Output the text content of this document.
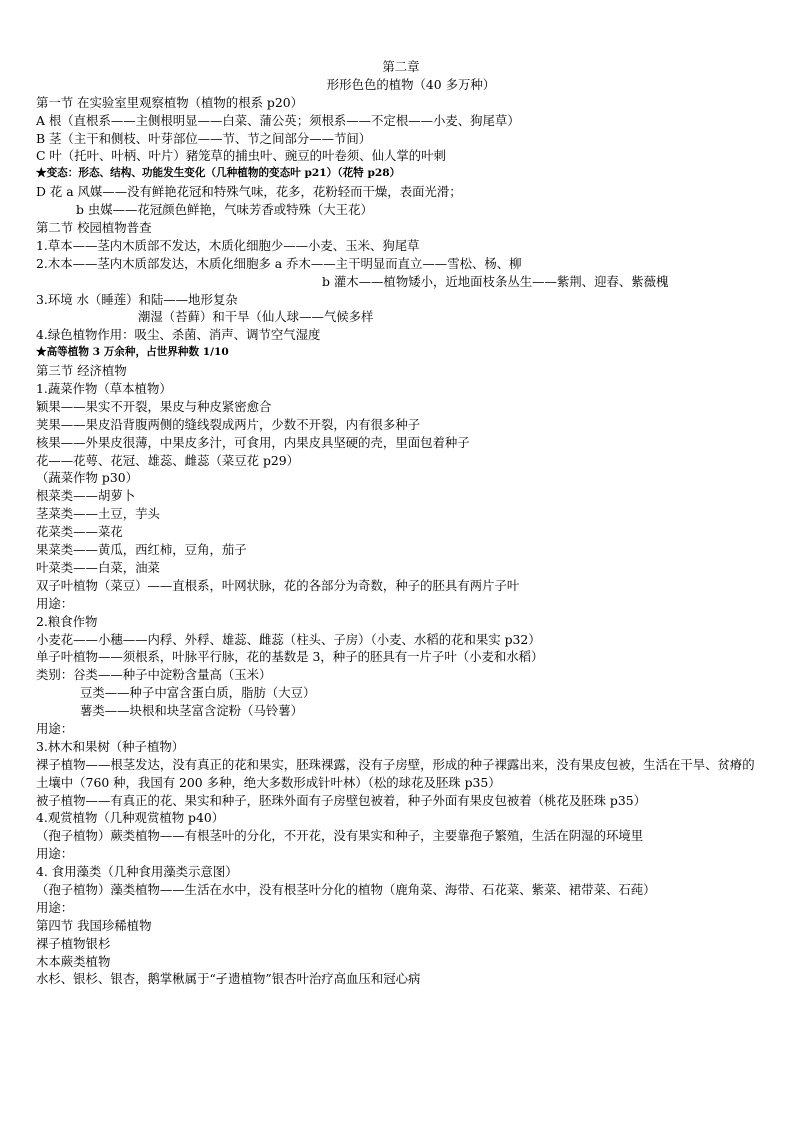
第二章
形形色色的植物（40 多万种）
第一节 在实验室里观察植物（植物的根系 p20）
A 根（直根系——主侧根明显——白菜、蒲公英；须根系——不定根——小麦、狗尾草）
B 茎（主干和侧枝、叶芽部位——节、节之间部分——节间）
C 叶（托叶、叶柄、叶片）豬笼草的捕虫叶、豌豆的叶卷须、仙人掌的叶刺
★变态：形态、结构、功能发生变化（几种植物的变态叶 p21）（花特 p28）
D 花 a 风媒——没有鲜艳花冠和特殊气味，花多，花粉轻而干燥，表面光滑；
b 虫媒——花冠颜色鲜艳，气味芳香或特殊（大王花）
第二节 校园植物普查
1.草本——茎内木质部不发达，木质化细胞少——小麦、玉米、狗尾草
2.木本——茎内木质部发达，木质化细胞多 a 乔木——主干明显而直立——雪松、杨、柳
b 灌木——植物矮小，近地面枝条丛生——紫荆、迎春、紫薇槐
3.环境 水（睡莲）和陆——地形复杂
潮湿（苔藓）和干旱（仙人球——气候多样
4.绿色植物作用：吸尘、杀菌、消声、调节空气湿度
★高等植物 3 万余种，占世界种数 1/10
第三节 经济植物
1.蔬菜作物（草本植物）
颖果——果实不开裂，果皮与种皮紧密愈合
荚果——果皮沿背腹两侧的缝线裂成两片，少数不开裂，内有很多种子
核果——外果皮很薄，中果皮多汁，可食用，内果皮具坚硬的壳，里面包着种子
花——花萼、花冠、雄蕊、雌蕊（菜豆花 p29）
（蔬菜作物 p30）
根菜类——胡萝卜
茎菜类——土豆，芋头
花菜类——菜花
果菜类——黄瓜，西红柿，豆角，茄子
叶菜类——白菜，油菜
双子叶植物（菜豆）——直根系，叶网状脉，花的各部分为奇数，种子的胚具有两片子叶
用途：
2.粮食作物
小麦花——小穗——内稃、外稃、雄蕊、雌蕊（柱头、子房）（小麦、水稻的花和果实 p32）
单子叶植物——须根系，叶脉平行脉，花的基数是 3，种子的胚具有一片子叶（小麦和水稻）
类别：谷类——种子中淀粉含量高（玉米）
豆类——种子中富含蛋白质，脂肪（大豆）
薯类——块根和块茎富含淀粉（马铃薯）
用途：
3.林木和果树（种子植物）
裸子植物——根茎发达，没有真正的花和果实，胚珠裸露，没有子房壁，形成的种子裸露出来，没有果皮包被，生活在干旱、贫瘠的土壤中（760 种，我国有 200 多种，绝大多数形成针叶林）（松的球花及胚珠 p35）
被子植物——有真正的花、果实和种子，胚珠外面有子房壁包被着，种子外面有果皮包被着（桃花及胚珠 p35）
4.观赏植物（几种观赏植物 p40）
（孢子植物）蕨类植物——有根茎叶的分化，不开花，没有果实和种子，主要靠孢子繁殖，生活在阴湿的环境里
用途：
4. 食用藻类（几种食用藻类示意图）
（孢子植物）藻类植物——生活在水中，没有根茎叶分化的植物（鹿角菜、海带、石花菜、紫菜、裙带菜、石莼）
用途：
第四节 我国珍稀植物
裸子植物银杉
木本蕨类植物
水杉、银杉、银杏，鹅掌楸属于“孑遗植物”银杏叶治疗高血压和冠心病
